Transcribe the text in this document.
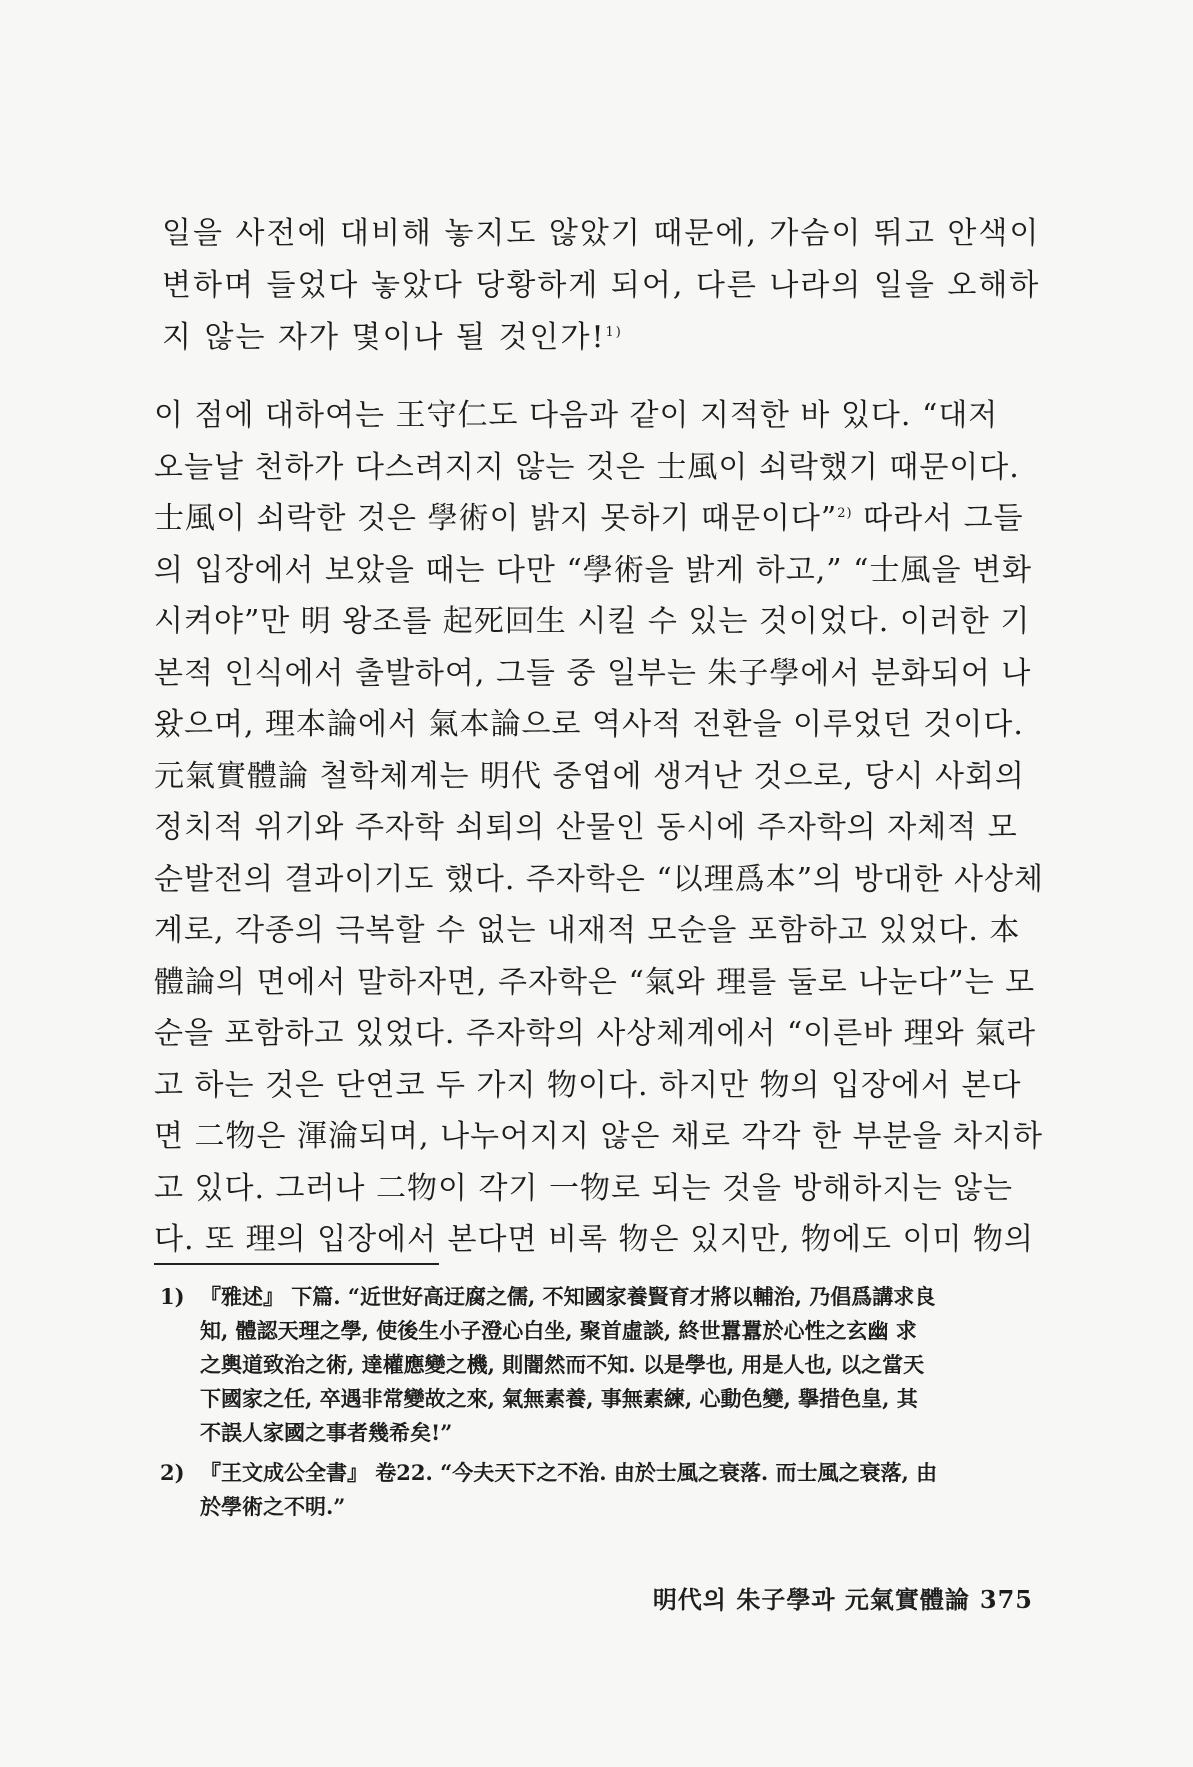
일을 사전에 대비해 놓지도 않았기 때문에, 가슴이 뛰고 안색이

변하며 들었다 놓았다 당황하게 되어, 다른 나라의 일을 오해하

지 않는 자가 몇이나 될 것인가!$^{1)}$

이 점에 대하여는 王守仁도 다음과 같이 지적한 바 있다. “대저

오늘날 천하가 다스려지지 않는 것은 士風이 쇠락했기 때문이다.

士風이 쇠락한 것은 學術이 밝지 못하기 때문이다”$^{2)}$ 따라서 그들

의 입장에서 보았을 때는 다만 “學術을 밝게 하고,” “士風을 변화

시켜야”만 明 왕조를 起死回生 시킬 수 있는 것이었다. 이러한 기

본적 인식에서 출발하여, 그들 중 일부는 朱子學에서 분화되어 나

왔으며, 理本論에서 氣本論으로 역사적 전환을 이루었던 것이다.

元氣實體論 철학체계는 明代 중엽에 생겨난 것으로, 당시 사회의

정치적 위기와 주자학 쇠퇴의 산물인 동시에 주자학의 자체적 모

순발전의 결과이기도 했다. 주자학은 “以理爲本”의 방대한 사상체

계로, 각종의 극복할 수 없는 내재적 모순을 포함하고 있었다. 本

體論의 면에서 말하자면, 주자학은 “氣와 理를 둘로 나눈다”는 모

순을 포함하고 있었다. 주자학의 사상체계에서 “이른바 理와 氣라

고 하는 것은 단연코 두 가지 物이다. 하지만 物의 입장에서 본다

면 二物은 渾淪되며, 나누어지지 않은 채로 각각 한 부분을 차지하

고 있다. 그러나 二物이 각기 一物로 되는 것을 방해하지는 않는

다. 또 理의 입장에서 본다면 비록 物은 있지만, 物에도 이미 物의

1) 『雅述』 下篇. “近世好高迂腐之儒, 不知國家養賢育才將以輔治, 乃倡爲講求良

知, 體認天理之學, 使後生小子澄心白坐, 聚首虛談, 終世囂囂於心性之玄幽 求

之輿道致治之術, 達權應變之機, 則闇然而不知. 以是學也, 用是人也, 以之當天

下國家之任, 卒遇非常變故之來, 氣無素養, 事無素練, 心動色變, 擧措色皇, 其

不誤人家國之事者幾希矣!”

2) 『王文成公全書』 卷22. “今夫天下之不治. 由於士風之衰落. 而士風之衰落, 由

於學術之不明.”

明代의 朱子學과 元氣實體論 375
